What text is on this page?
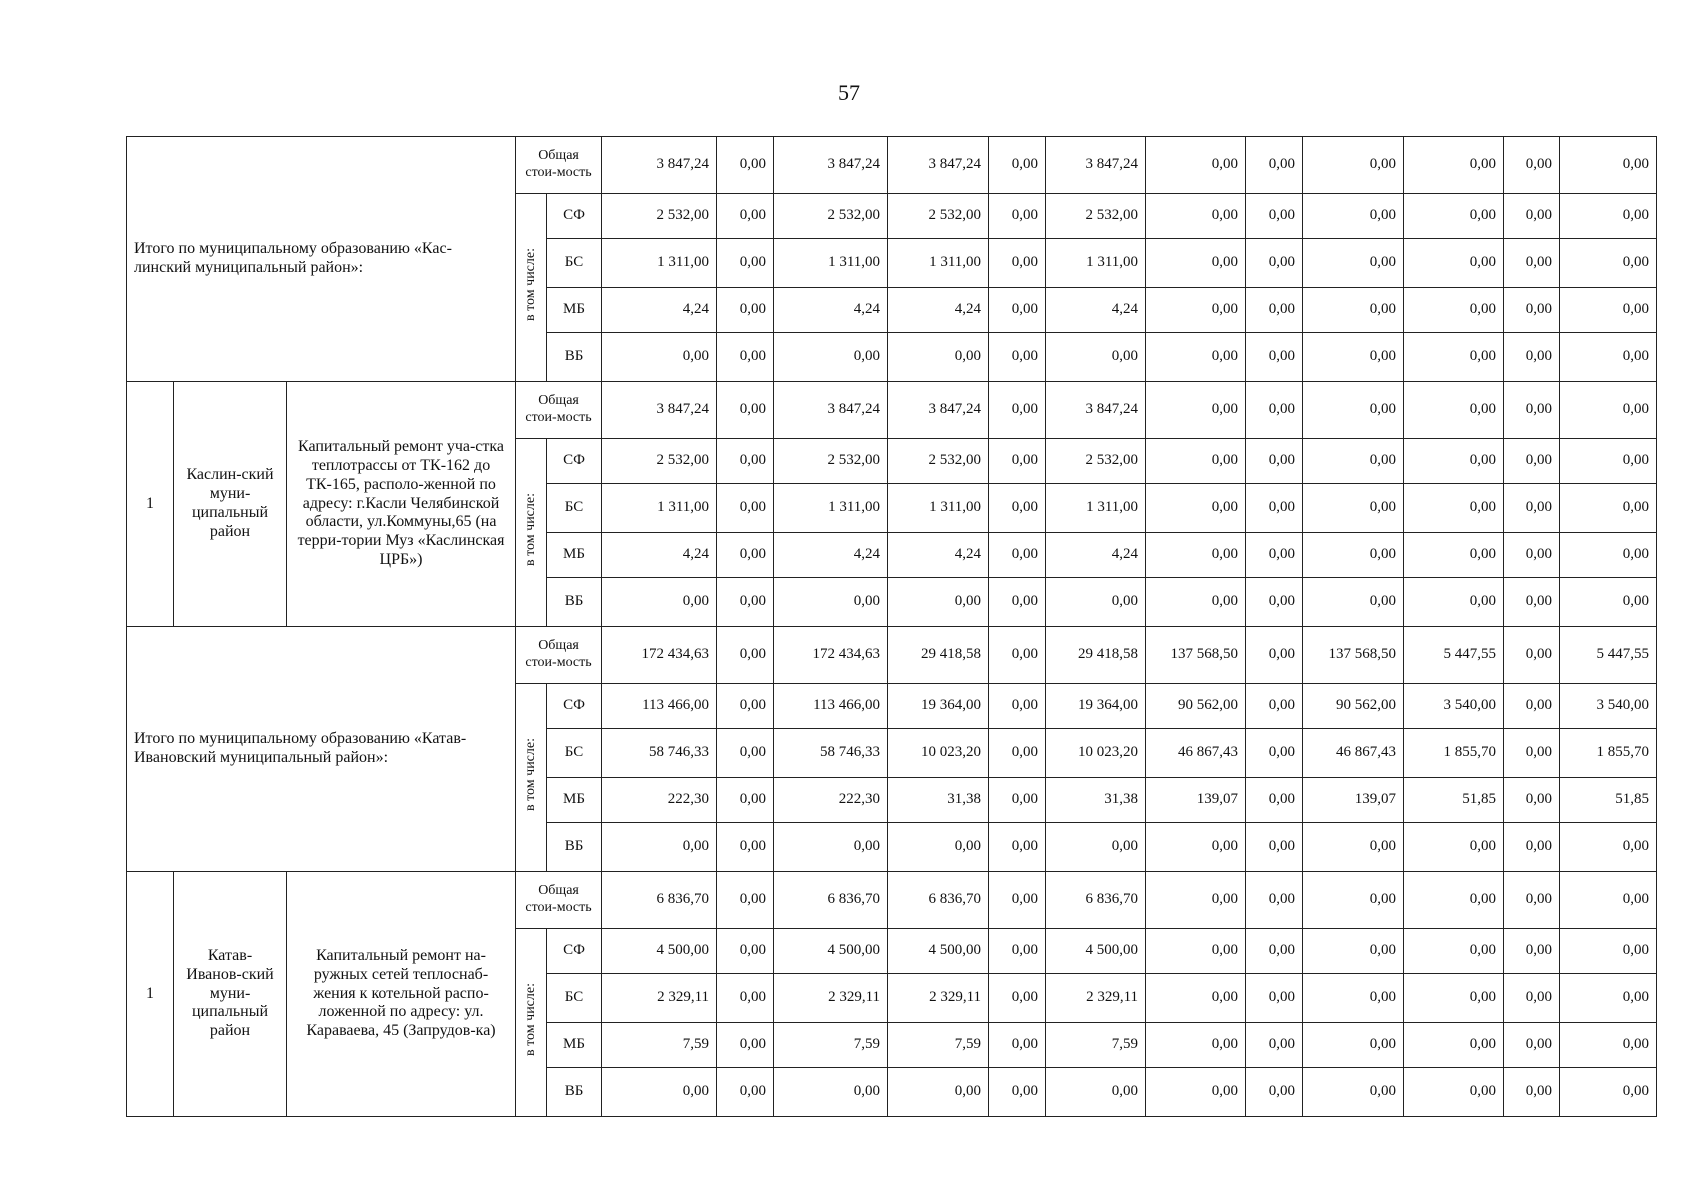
57
Итого по муниципальному образованию «Кас-линский муниципальный район»:			Общая стои-мость		3 847,24	0,00	3 847,24	3 847,24	0,00	3 847,24	0,00	0,00	0,00	0,00	0,00	0,00
			в том числе:	СФ	2 532,00	0,00	2 532,00	2 532,00	0,00	2 532,00	0,00	0,00	0,00	0,00	0,00	0,00
				БС	1 311,00	0,00	1 311,00	1 311,00	0,00	1 311,00	0,00	0,00	0,00	0,00	0,00	0,00
				МБ	4,24	0,00	4,24	4,24	0,00	4,24	0,00	0,00	0,00	0,00	0,00	0,00
				ВБ	0,00	0,00	0,00	0,00	0,00	0,00	0,00	0,00	0,00	0,00	0,00	0,00
1	Каслин-ский муни-ципальный район	Капитальный ремонт уча-стка теплотрассы от ТК-162 до ТК-165, располо-женной по адресу: г.Касли Челябинской области, ул.Коммуны,65 (на терри-тории Муз «Каслинская ЦРБ»)	Общая стои-мость		3 847,24	0,00	3 847,24	3 847,24	0,00	3 847,24	0,00	0,00	0,00	0,00	0,00	0,00
			в том числе:	СФ	2 532,00	0,00	2 532,00	2 532,00	0,00	2 532,00	0,00	0,00	0,00	0,00	0,00	0,00
				БС	1 311,00	0,00	1 311,00	1 311,00	0,00	1 311,00	0,00	0,00	0,00	0,00	0,00	0,00
				МБ	4,24	0,00	4,24	4,24	0,00	4,24	0,00	0,00	0,00	0,00	0,00	0,00
				ВБ	0,00	0,00	0,00	0,00	0,00	0,00	0,00	0,00	0,00	0,00	0,00	0,00
Итого по муниципальному образованию «Катав-Ивановский муниципальный район»:			Общая стои-мость		172 434,63	0,00	172 434,63	29 418,58	0,00	29 418,58	137 568,50	0,00	137 568,50	5 447,55	0,00	5 447,55
			в том числе:	СФ	113 466,00	0,00	113 466,00	19 364,00	0,00	19 364,00	90 562,00	0,00	90 562,00	3 540,00	0,00	3 540,00
				БС	58 746,33	0,00	58 746,33	10 023,20	0,00	10 023,20	46 867,43	0,00	46 867,43	1 855,70	0,00	1 855,70
				МБ	222,30	0,00	222,30	31,38	0,00	31,38	139,07	0,00	139,07	51,85	0,00	51,85
				ВБ	0,00	0,00	0,00	0,00	0,00	0,00	0,00	0,00	0,00	0,00	0,00	0,00
1	Катав-Иванов-ский муни-ципальный район	Капитальный ремонт на-ружных сетей теплоснаб-жения к котельной распо-ложенной по адресу: ул. Караваева, 45 (Запрудов-ка)	Общая стои-мость		6 836,70	0,00	6 836,70	6 836,70	0,00	6 836,70	0,00	0,00	0,00	0,00	0,00	0,00
			в том числе:	СФ	4 500,00	0,00	4 500,00	4 500,00	0,00	4 500,00	0,00	0,00	0,00	0,00	0,00	0,00
				БС	2 329,11	0,00	2 329,11	2 329,11	0,00	2 329,11	0,00	0,00	0,00	0,00	0,00	0,00
				МБ	7,59	0,00	7,59	7,59	0,00	7,59	0,00	0,00	0,00	0,00	0,00	0,00
				ВБ	0,00	0,00	0,00	0,00	0,00	0,00	0,00	0,00	0,00	0,00	0,00	0,00
